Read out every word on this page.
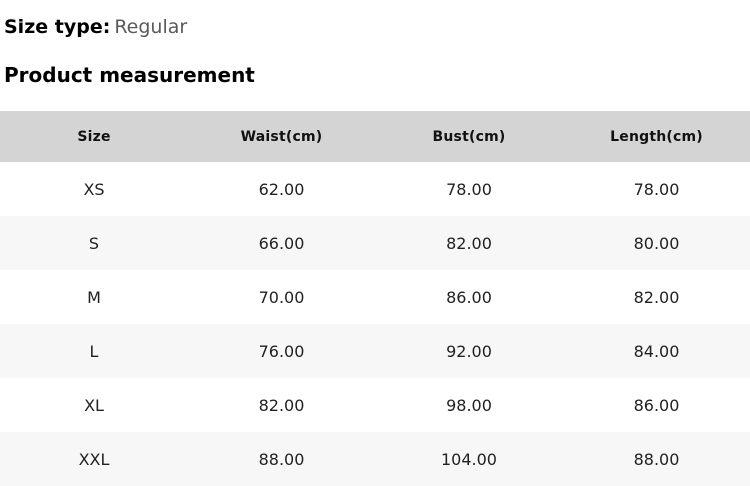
Size type: Regular
Product measurement
Size	Waist(cm)	Bust(cm)	Length(cm)
XS	62.00	78.00	78.00
S	66.00	82.00	80.00
M	70.00	86.00	82.00
L	76.00	92.00	84.00
XL	82.00	98.00	86.00
XXL	88.00	104.00	88.00
